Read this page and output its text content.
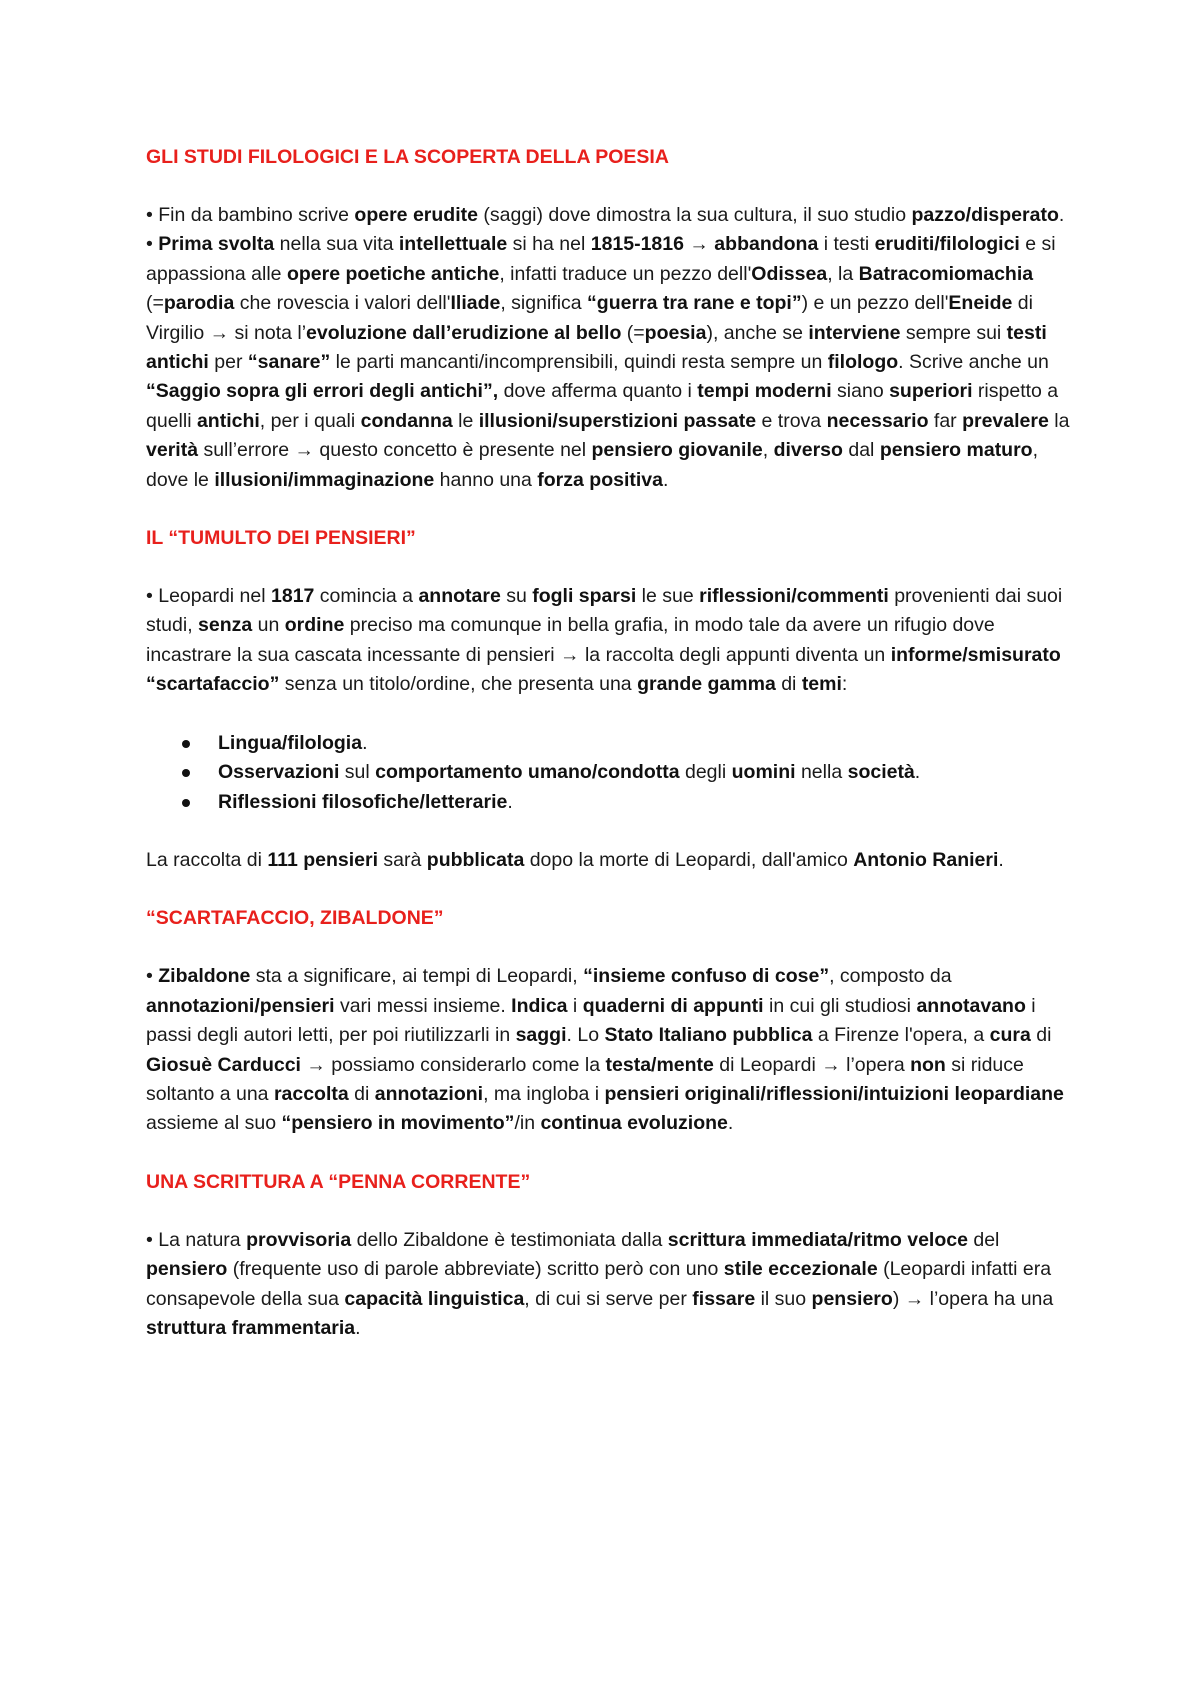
GLI STUDI FILOLOGICI E LA SCOPERTA DELLA POESIA

• Fin da bambino scrive opere erudite (saggi) dove dimostra la sua cultura, il suo studio pazzo/disperato.

• Prima svolta nella sua vita intellettuale si ha nel 1815-1816 → abbandona i testi eruditi/filologici e si appassiona alle opere poetiche antiche, infatti traduce un pezzo dell'Odissea, la Batracomiomachia (=parodia che rovescia i valori dell'Iliade, significa “guerra tra rane e topi”) e un pezzo dell'Eneide di Virgilio → si nota l’evoluzione dall’erudizione al bello (=poesia), anche se interviene sempre sui testi antichi per “sanare” le parti mancanti/incomprensibili, quindi resta sempre un filologo. Scrive anche un “Saggio sopra gli errori degli antichi”, dove afferma quanto i tempi moderni siano superiori rispetto a quelli antichi, per i quali condanna le illusioni/superstizioni passate e trova necessario far prevalere la verità sull’errore → questo concetto è presente nel pensiero giovanile, diverso dal pensiero maturo, dove le illusioni/immaginazione hanno una forza positiva.

IL “TUMULTO DEI PENSIERI”

• Leopardi nel 1817 comincia a annotare su fogli sparsi le sue riflessioni/commenti provenienti dai suoi studi, senza un ordine preciso ma comunque in bella grafia, in modo tale da avere un rifugio dove incastrare la sua cascata incessante di pensieri → la raccolta degli appunti diventa un informe/smisurato “scartafaccio” senza un titolo/ordine, che presenta una grande gamma di temi:

Lingua/filologia.
Osservazioni sul comportamento umano/condotta degli uomini nella società.
Riflessioni filosofiche/letterarie.

La raccolta di 111 pensieri sarà pubblicata dopo la morte di Leopardi, dall'amico Antonio Ranieri.

“SCARTAFACCIO, ZIBALDONE”

• Zibaldone sta a significare, ai tempi di Leopardi, “insieme confuso di cose”, composto da annotazioni/pensieri vari messi insieme. Indica i quaderni di appunti in cui gli studiosi annotavano i passi degli autori letti, per poi riutilizzarli in saggi. Lo Stato Italiano pubblica a Firenze l'opera, a cura di Giosuè Carducci → possiamo considerarlo come la testa/mente di Leopardi → l’opera non si riduce soltanto a una raccolta di annotazioni, ma ingloba i pensieri originali/riflessioni/intuizioni leopardiane assieme al suo “pensiero in movimento”/in continua evoluzione.

UNA SCRITTURA A “PENNA CORRENTE”

• La natura provvisoria dello Zibaldone è testimoniata dalla scrittura immediata/ritmo veloce del pensiero (frequente uso di parole abbreviate) scritto però con uno stile eccezionale (Leopardi infatti era consapevole della sua capacità linguistica, di cui si serve per fissare il suo pensiero) → l’opera ha una struttura frammentaria.
